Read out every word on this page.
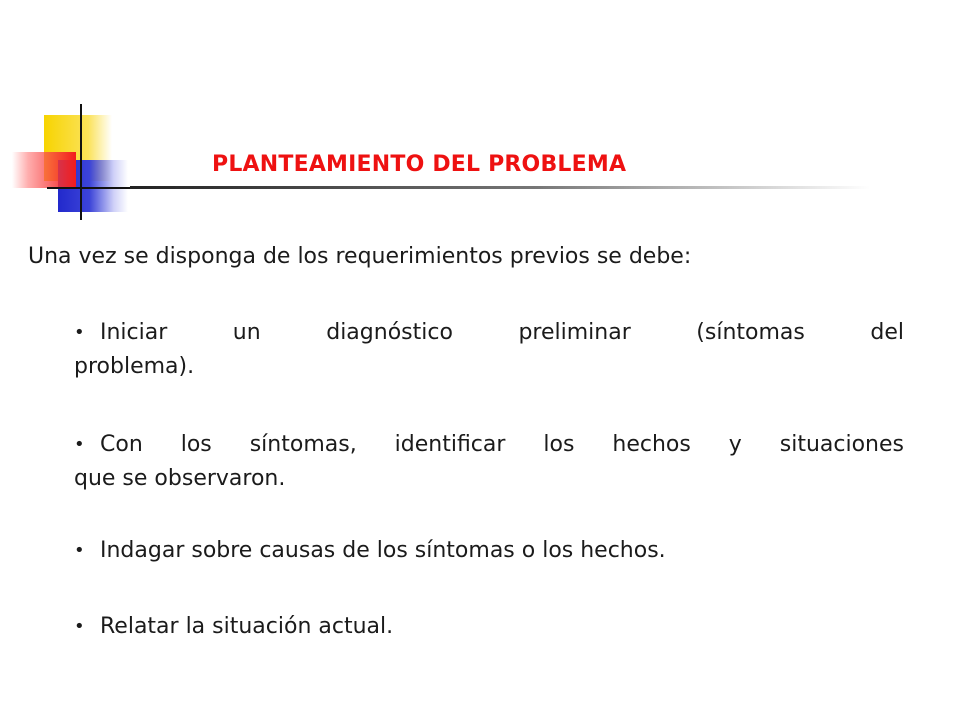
PLANTEAMIENTO DEL PROBLEMA

Una vez se disponga de los requerimientos previos se debe:

• Iniciar un diagnóstico preliminar (síntomas del
problema).
• Con los síntomas, identificar los hechos y situaciones
que se observaron.
• Indagar sobre causas de los síntomas o los hechos.
• Relatar la situación actual.
